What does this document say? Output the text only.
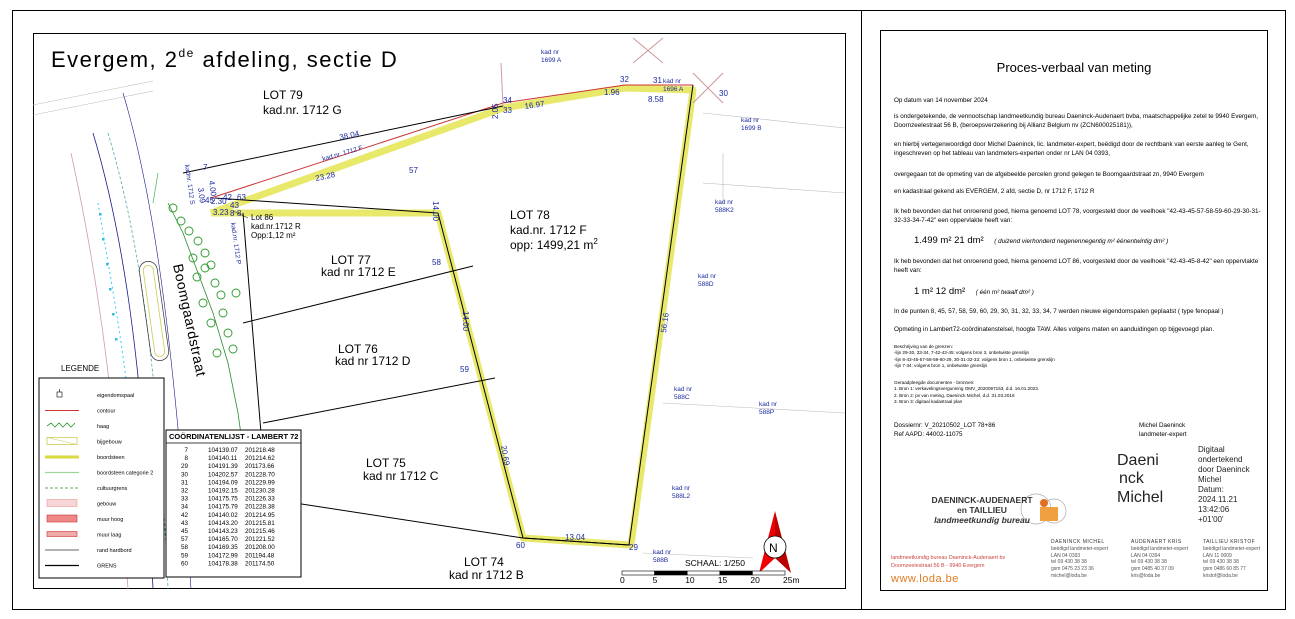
Evergem, 2de afdeling, sectie D
Boomgaardstraat
LOT 79
kad.nr. 1712 G
LOT 78
kad.nr. 1712 F
opp: 1499,21 $m^2$
LOT 77
kad nr 1712 E
LOT 76
kad nr 1712 D
LOT 75
kad nr 1712 C
LOT 74
kad nr 1712 B
Lot 86
kad.nr.1712 R
Opp:1,12 m²
kad nr 1699 A
kad nr 1696 A
kad nr 1699 B
kad nr 588K2
kad nr 588D
kad nr 588C
kad nr 588P
kad nr 588L2
kad nr 588B
kad.nr. 1712 F
kadnr. 1712 S
kad.nr. 1712 P
38.04
23.28
16.97
1.96
8.58
2.05
14.00
14.00
20.69
56.16
13.04
3.09 2.30
3.23
4.00
32	31
30
34
33
57
58
59
60	29
63
42
45
43
7
8 8
LEGENDE
eigendomspaal
contour
haag
bijgebouw
boordsteen
boordsteen categorie 2
cultuurgrens
gebouw
muur hoog
muur laag
rand hardbord
GRENS
COÖRDINATENLIJST - LAMBERT 72
7	104139.07 201218.48
8	104140.11 201214.62
29	104191.39 201173.66
30	104202.57 201228.70
31	104194.09 201229.99
32	104192.15 201230.28
33	104175.75 201226.33
34	104175.79 201228.38
42	104140.02 201214.95
43	104143.20 201215.81
45	104143.23 201215.46
57	104165.70 201221.52
58	104169.35 201208.00
59	104172.99 201194.48
60	104178.38 201174.50
N
SCHAAL: 1/250
0	5	10	15	20	25m
Proces-verbaal van meting
Op datum van 14 november 2024
is ondergetekende, de vennootschap landmeetkundig bureau Daeninck-Audenaert bvba, maatschappelijke zetel te 9940 Evergem, Doornzeelestraat 56 B, (beroepsverzekering bij Allianz Belgium nv (ZCN600025181)),
en hierbij vertegenwoordigd door Michel Daeninck, lic. landmeter-expert, beëdigd door de rechtbank van eerste aanleg te Gent, ingeschreven op het tableau van landmeters-experten onder nr LAN 04 0393,
overgegaan tot de opmeting van de afgebeelde percelen grond gelegen te Boomgaardstraat zn, 9940 Evergem
en kadastraal gekend als EVERGEM, 2 afd, sectie D, nr 1712 F, 1712 R
Ik heb bevonden dat het onroerend goed, hierna genoemd LOT 78, voorgesteld door de veelhoek "42-43-45-57-58-59-60-29-30-31-32-33-34-7-42" een oppervlakte heeft van:
1.499 m² 21 dm² ( duizend vierhonderd negenennegentig m² éénentwintig dm² )
Ik heb bevonden dat het onroerend goed, hierna genoemd LOT 86, voorgesteld door de veelhoek "42-43-45-8-42" een oppervlakte heeft van:
1 m² 12 dm² ( één m² twaalf dm² )
In de punten 8, 45, 57, 58, 59, 60, 29, 30, 31, 32, 33, 34, 7 werden nieuwe eigendomspalen geplaatst ( type fenopaal )
Opmeting in Lambert72-coördinatenstelsel, hoogte TAW. Alles volgens maten en aanduidingen op bijgevoegd plan.
Beschrijving van de grenzen:
-lijn 29-30, 33-34, 7-42-43-45: volgens bron 3, onbetwiste grenslijn
-lijn 8-43-45-57-58-59-60-29, 30-31-32-33: volgens bron 1, onbetwiste grenslijn
-lijn 7-34: volgens bron 1, onbetwiste grenslijn
Geraadpleegde documenten - bronnen:
1. Bron 1: verkavelingsvergunning OMV_2020097153, d.d. 16.01.2023.
2. Bron 2: pv van meting, Daeninck Michel, d.d. 31.03.2016
3. Bron 3: digitaal kadastraal plan
Dossiernr: V_20210502_LOT 78+86
Ref AAPD: 44002-11075
Michel Daeninck
landmeter-expert
Daeni
nck
Michel
Digitaal
ondertekend
door Daeninck
Michel
Datum:
2024.11.21
13:42:06
+01'00'
DAENINCK-AUDENAERT
en TAILLIEU
landmeetkundig bureau
DAENINCK MICHEL
beëdigd landmeter-expert
LAN 04 0393
tel 09 430 38 38
gsm 0475 23 23 36
michel@loda.be
AUDENAERT KRIS
beëdigd landmeter-expert
LAN 04 0394
tel 09 430 38 38
gsm 0485 40 37 09
kris@loda.be
TAILLIEU KRISTOF
beëdigd landmeter-expert
LAN 11 0009
tel 09 430 38 38
gsm 0486 60 85 77
kristof@loda.be
landmeetkundig bureau Daeninck-Audenaert bv
Doornzeelestraat 56 B - 9940 Evergem
www.loda.be
